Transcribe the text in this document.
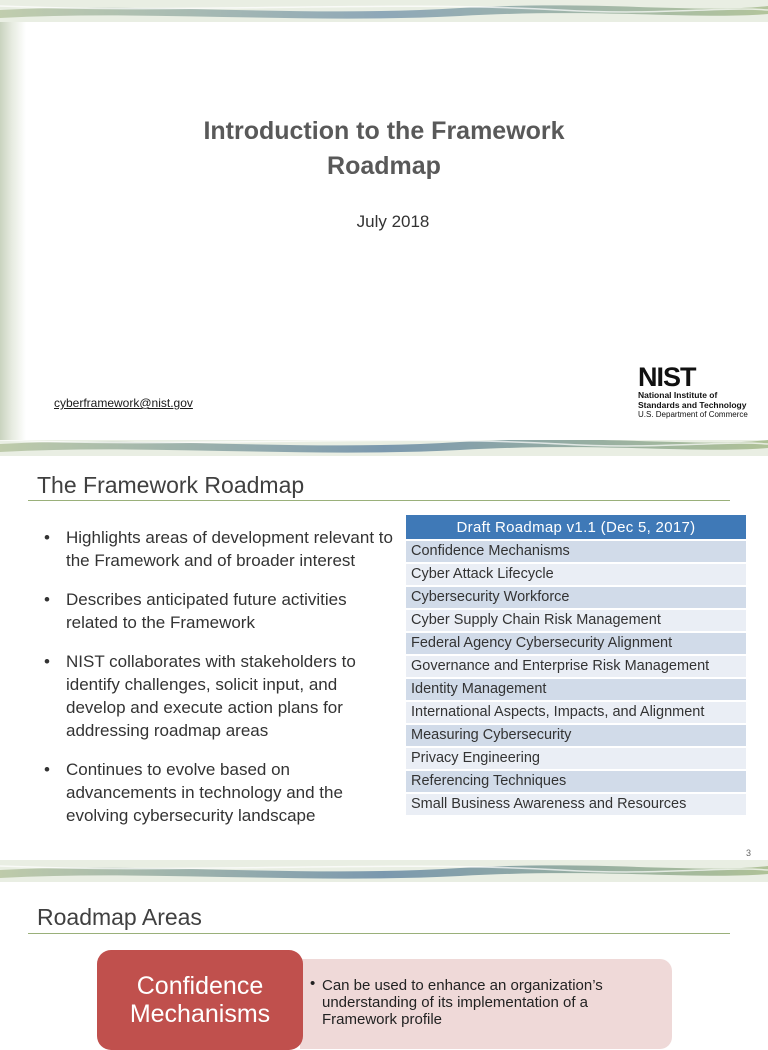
Introduction to the Framework
Roadmap
July 2018
cyberframework@nist.gov
NIST
National Institute of
Standards and Technology
U.S. Department of Commerce
The Framework Roadmap
• Highlights areas of development relevant to the Framework and of broader interest
• Describes anticipated future activities related to the Framework
• NIST collaborates with stakeholders to identify challenges, solicit input, and develop and execute action plans for addressing roadmap areas
• Continues to evolve based on advancements in technology and the evolving cybersecurity landscape
Draft Roadmap v1.1 (Dec 5, 2017)
Confidence Mechanisms
Cyber Attack Lifecycle
Cybersecurity Workforce
Cyber Supply Chain Risk Management
Federal Agency Cybersecurity Alignment
Governance and Enterprise Risk Management
Identity Management
International Aspects, Impacts, and Alignment
Measuring Cybersecurity
Privacy Engineering
Referencing Techniques
Small Business Awareness and Resources
3
Roadmap Areas

• Can be used to enhance an organization’s understanding of its implementation of a Framework profile

Confidence Mechanisms
